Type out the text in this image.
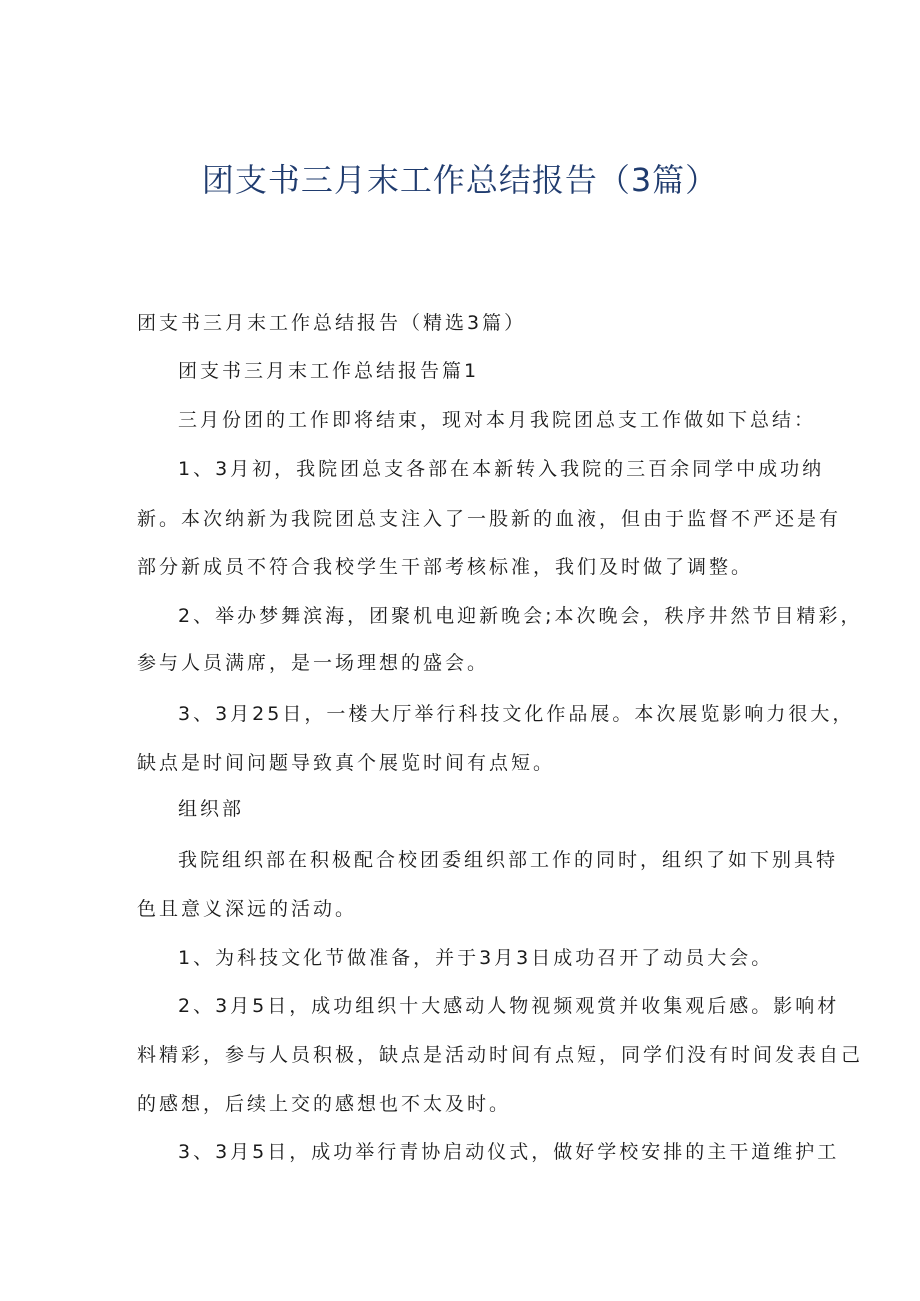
团支书三月末工作总结报告（3篇）
团支书三月末工作总结报告（精选3篇）
团支书三月末工作总结报告篇1
三月份团的工作即将结束，现对本月我院团总支工作做如下总结：
1、3月初，我院团总支各部在本新转入我院的三百余同学中成功纳
新。本次纳新为我院团总支注入了一股新的血液，但由于监督不严还是有
部分新成员不符合我校学生干部考核标准，我们及时做了调整。
2、举办梦舞滨海，团聚机电迎新晚会;本次晚会，秩序井然节目精彩，
参与人员满席，是一场理想的盛会。
3、3月25日，一楼大厅举行科技文化作品展。本次展览影响力很大，
缺点是时间问题导致真个展览时间有点短。
组织部
我院组织部在积极配合校团委组织部工作的同时，组织了如下别具特
色且意义深远的活动。
1、为科技文化节做准备，并于3月3日成功召开了动员大会。
2、3月5日，成功组织十大感动人物视频观赏并收集观后感。影响材
料精彩，参与人员积极，缺点是活动时间有点短，同学们没有时间发表自己
的感想，后续上交的感想也不太及时。
3、3月5日，成功举行青协启动仪式，做好学校安排的主干道维护工
